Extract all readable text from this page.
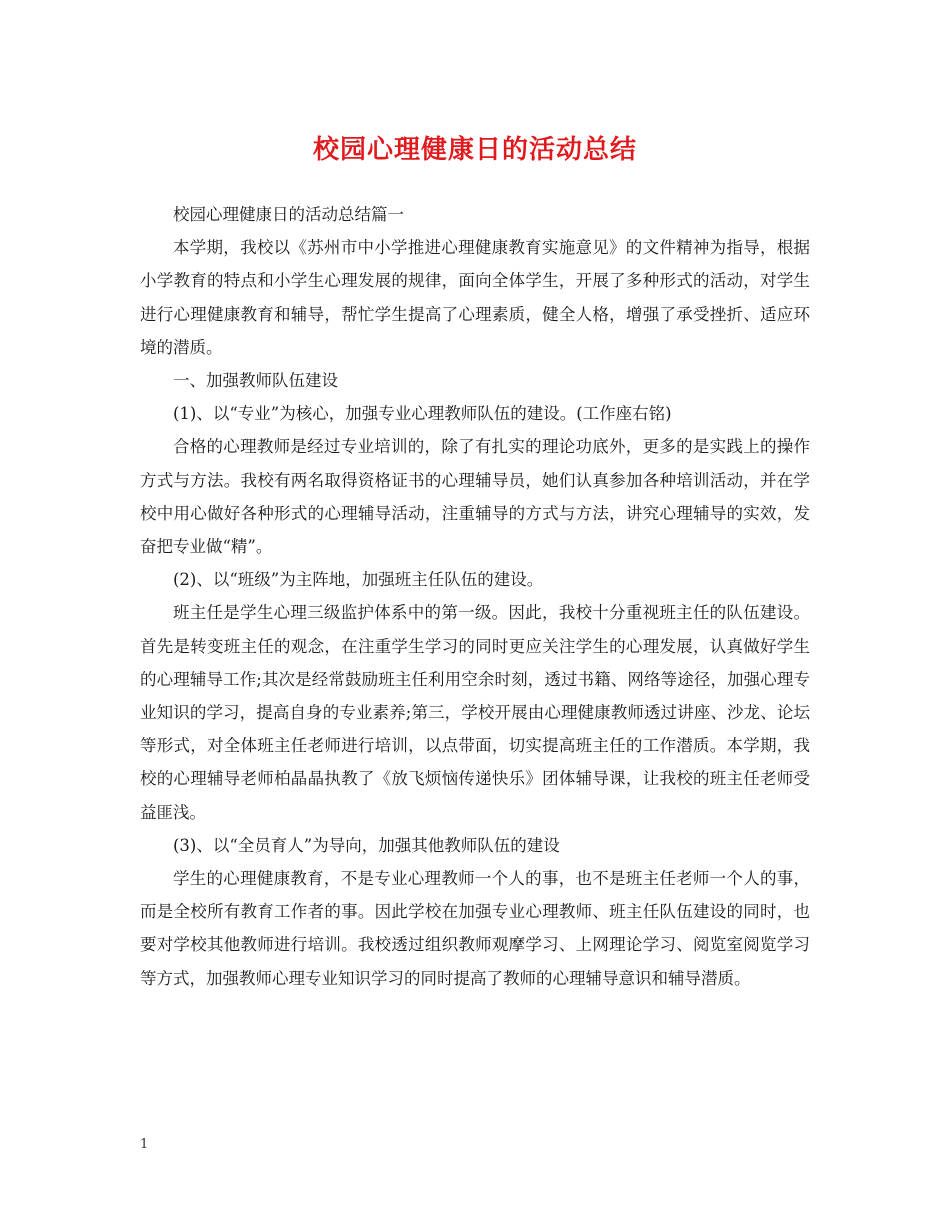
校园心理健康日的活动总结

校园心理健康日的活动总结篇一

本学期，我校以《苏州市中小学推进心理健康教育实施意见》的文件精神为指导，根据小学教育的特点和小学生心理发展的规律，面向全体学生，开展了多种形式的活动，对学生进行心理健康教育和辅导，帮忙学生提高了心理素质，健全人格，增强了承受挫折、适应环境的潜质。

一、加强教师队伍建设

(1)、以“专业”为核心，加强专业心理教师队伍的建设。(工作座右铭)

合格的心理教师是经过专业培训的，除了有扎实的理论功底外，更多的是实践上的操作方式与方法。我校有两名取得资格证书的心理辅导员，她们认真参加各种培训活动，并在学校中用心做好各种形式的心理辅导活动，注重辅导的方式与方法，讲究心理辅导的实效，发奋把专业做“精”。

(2)、以“班级”为主阵地，加强班主任队伍的建设。

班主任是学生心理三级监护体系中的第一级。因此，我校十分重视班主任的队伍建设。首先是转变班主任的观念，在注重学生学习的同时更应关注学生的心理发展，认真做好学生的心理辅导工作;其次是经常鼓励班主任利用空余时刻，透过书籍、网络等途径，加强心理专业知识的学习，提高自身的专业素养;第三，学校开展由心理健康教师透过讲座、沙龙、论坛等形式，对全体班主任老师进行培训，以点带面，切实提高班主任的工作潜质。本学期，我校的心理辅导老师柏晶晶执教了《放飞烦恼传递快乐》团体辅导课，让我校的班主任老师受益匪浅。

(3)、以“全员育人”为导向，加强其他教师队伍的建设

学生的心理健康教育，不是专业心理教师一个人的事，也不是班主任老师一个人的事，而是全校所有教育工作者的事。因此学校在加强专业心理教师、班主任队伍建设的同时，也要对学校其他教师进行培训。我校透过组织教师观摩学习、上网理论学习、阅览室阅览学习等方式，加强教师心理专业知识学习的同时提高了教师的心理辅导意识和辅导潜质。

1
